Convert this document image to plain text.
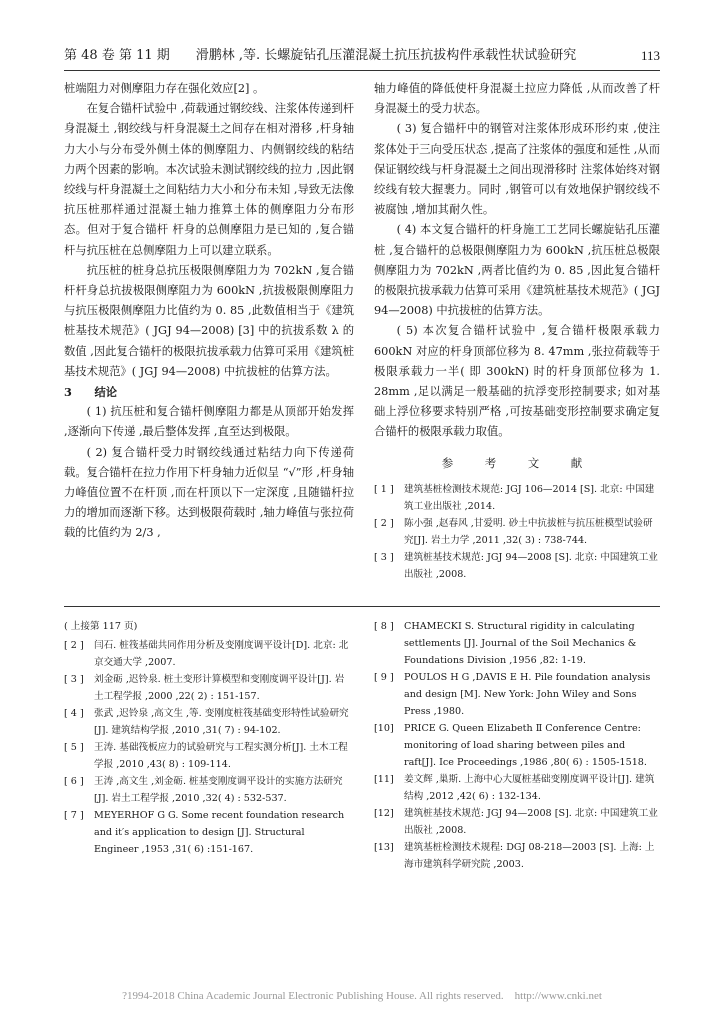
第 48 卷 第 11 期　　滑鹏林 ,等. 长螺旋钻孔压灌混凝土抗压抗拔构件承载性状试验研究	113

桩端阻力对侧摩阻力存在强化效应[2] 。

在复合锚杆试验中 ,荷载通过钢绞线、注浆体传递到杆身混凝土 ,钢绞线与杆身混凝土之间存在相对滑移 ,杆身轴力大小与分布受外侧土体的侧摩阻力、内侧钢绞线的粘结力两个因素的影响。本次试验未测试钢绞线的拉力 ,因此钢绞线与杆身混凝土之间粘结力大小和分布未知 ,导致无法像抗压桩那样通过混凝土轴力推算土体的侧摩阻力分布形态。但对于复合锚杆 杆身的总侧摩阻力是已知的 ,复合锚杆与抗压桩在总侧摩阻力上可以建立联系。

抗压桩的桩身总抗压极限侧摩阻力为 702kN ,复合锚杆杆身总抗拔极限侧摩阻力为 600kN ,抗拔极限侧摩阻力与抗压极限侧摩阻力比值约为 0. 85 ,此数值相当于《建筑桩基技术规范》( JGJ 94—2008) [3] 中的抗拔系数 λ 的数值 ,因此复合锚杆的极限抗拔承载力估算可采用《建筑桩基技术规范》( JGJ 94—2008) 中抗拔桩的估算方法。

3　　结论

( 1) 抗压桩和复合锚杆侧摩阻力都是从顶部开始发挥 ,逐渐向下传递 ,最后整体发挥 ,直至达到极限。

( 2) 复合锚杆受力时钢绞线通过粘结力向下传递荷载。复合锚杆在拉力作用下杆身轴力近似呈 “√”形 ,杆身轴力峰值位置不在杆顶 ,而在杆顶以下一定深度 ,且随锚杆拉力的增加而逐渐下移。达到极限荷载时 ,轴力峰值与张拉荷载的比值约为 2/3 ,

轴力峰值的降低使杆身混凝土拉应力降低 ,从而改善了杆身混凝土的受力状态。

( 3) 复合锚杆中的钢管对注浆体形成环形约束 ,使注浆体处于三向受压状态 ,提高了注浆体的强度和延性 ,从而保证钢绞线与杆身混凝土之间出现滑移时 注浆体始终对钢绞线有较大握裹力。同时 ,钢管可以有效地保护钢绞线不被腐蚀 ,增加其耐久性。

( 4) 本文复合锚杆的杆身施工工艺同长螺旋钻孔压灌桩 ,复合锚杆的总极限侧摩阻力为 600kN ,抗压桩总极限侧摩阻力为 702kN ,两者比值约为 0. 85 ,因此复合锚杆的极限抗拔承载力估算可采用《建筑桩基技术规范》( JGJ 94—2008) 中抗拔桩的估算方法。

( 5) 本次复合锚杆试验中 ,复合锚杆极限承载力 600kN 对应的杆身顶部位移为 8. 47mm ,张拉荷载等于极限承载力一半( 即 300kN) 时的杆身顶部位移为 1. 28mm ,足以满足一般基础的抗浮变形控制要求; 如对基础上浮位移要求特别严格 ,可按基础变形控制要求确定复合锚杆的极限承载力取值。

参　考　文　献
[ 1 ]	建筑基桩检测技术规范: JGJ 106—2014 [S]. 北京: 中国建筑工业出版社 ,2014.
[ 2 ]	陈小强 ,赵春风 ,甘爱明. 砂土中抗拔桩与抗压桩模型试验研究[J]. 岩土力学 ,2011 ,32( 3) : 738-744.
[ 3 ]	建筑桩基技术规范: JGJ 94—2008 [S]. 北京: 中国建筑工业出版社 ,2008.
( 上接第 117 页)
[ 2 ]	闫石. 桩筏基础共同作用分析及变刚度调平设计[D]. 北京: 北京交通大学 ,2007.
[ 3 ]	刘金砺 ,迟铃泉. 桩土变形计算模型和变刚度调平设计[J]. 岩土工程学报 ,2000 ,22( 2) : 151-157.
[ 4 ]	张武 ,迟铃泉 ,高文生 ,等. 变刚度桩筏基础变形特性试验研究[J]. 建筑结构学报 ,2010 ,31( 7) : 94-102.
[ 5 ]	王涛. 基础筏板应力的试验研究与工程实测分析[J]. 土木工程学报 ,2010 ,43( 8) : 109-114.
[ 6 ]	王涛 ,高文生 ,刘金砺. 桩基变刚度调平设计的实施方法研究[J]. 岩土工程学报 ,2010 ,32( 4) : 532-537.
[ 7 ]	MEYERHOF G G. Some recent foundation research and it′s application to design [J]. Structural Engineer ,1953 ,31( 6) :151-167.
[ 8 ]	CHAMECKI S. Structural rigidity in calculating settlements [J]. Journal of the Soil Mechanics & Foundations Division ,1956 ,82: 1-19.
[ 9 ]	POULOS H G ,DAVIS E H. Pile foundation analysis and design [M]. New York: John Wiley and Sons Press ,1980.
[10]	PRICE G. Queen Elizabeth Ⅱ Conference Centre: monitoring of load sharing between piles and raft[J]. Ice Proceedings ,1986 ,80( 6) : 1505-1518.
[11]	姜文辉 ,巢斯. 上海中心大厦桩基础变刚度调平设计[J]. 建筑结构 ,2012 ,42( 6) : 132-134.
[12]	建筑桩基技术规范: JGJ 94—2008 [S]. 北京: 中国建筑工业出版社 ,2008.
[13]	建筑基桩检测技术规程: DGJ 08-218—2003 [S]. 上海: 上海市建筑科学研究院 ,2003.
?1994-2018 China Academic Journal Electronic Publishing House. All rights reserved.　http://www.cnki.net
